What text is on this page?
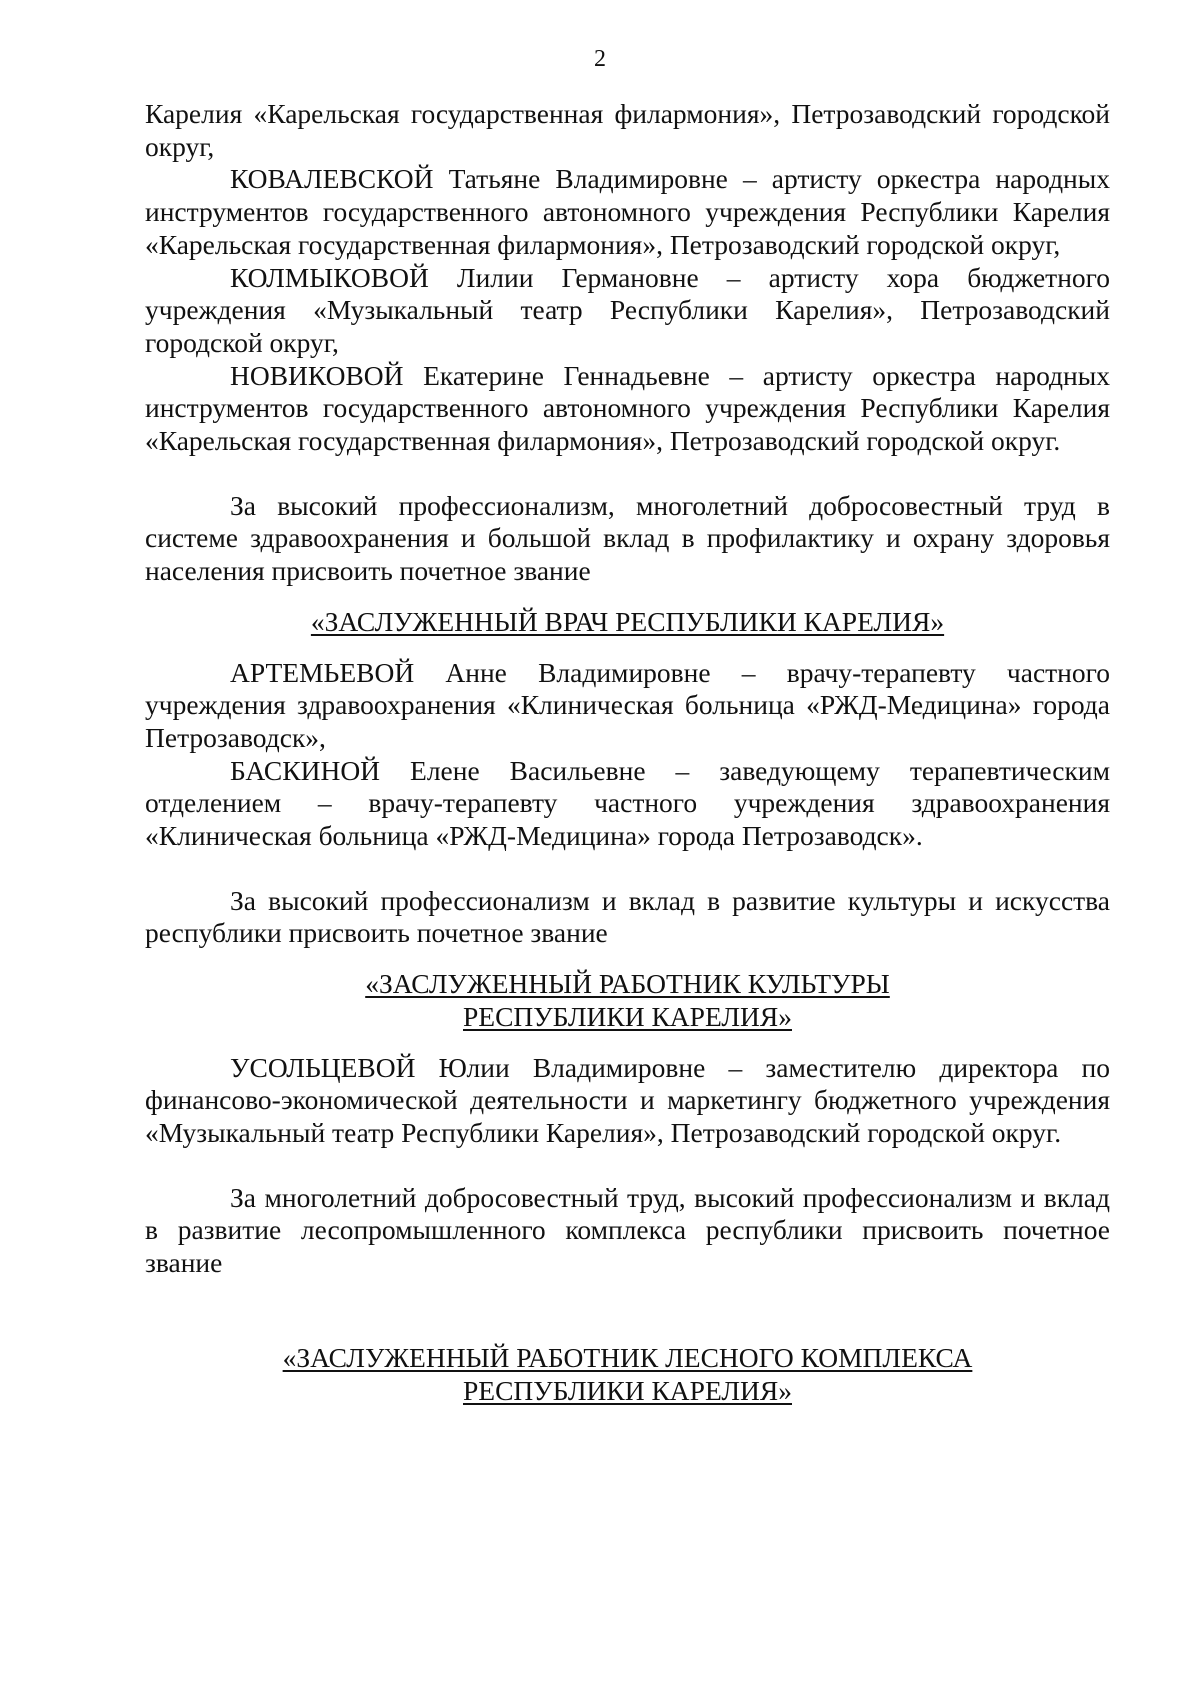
2

Карелия «Карельская государственная филармония», Петрозаводский городской округ,

КОВАЛЕВСКОЙ Татьяне Владимировне – артисту оркестра народных инструментов государственного автономного учреждения Республики Карелия «Карельская государственная филармония», Петрозаводский городской округ,

КОЛМЫКОВОЙ Лилии Германовне – артисту хора бюджетного учреждения «Музыкальный театр Республики Карелия», Петрозаводский городской округ,

НОВИКОВОЙ Екатерине Геннадьевне – артисту оркестра народных инструментов государственного автономного учреждения Республики Карелия «Карельская государственная филармония», Петрозаводский городской округ.

За высокий профессионализм, многолетний добросовестный труд в системе здравоохранения и большой вклад в профилактику и охрану здоровья населения присвоить почетное звание

«ЗАСЛУЖЕННЫЙ ВРАЧ РЕСПУБЛИКИ КАРЕЛИЯ»

АРТЕМЬЕВОЙ Анне Владимировне – врачу-терапевту частного учреждения здравоохранения «Клиническая больница «РЖД-Медицина» города Петрозаводск»,

БАСКИНОЙ Елене Васильевне – заведующему терапевтическим отделением – врачу-терапевту частного учреждения здравоохранения «Клиническая больница «РЖД-Медицина» города Петрозаводск».

За высокий профессионализм и вклад в развитие культуры и искусства республики присвоить почетное звание

«ЗАСЛУЖЕННЫЙ РАБОТНИК КУЛЬТУРЫ

РЕСПУБЛИКИ КАРЕЛИЯ»

УСОЛЬЦЕВОЙ Юлии Владимировне – заместителю директора по финансово-экономической деятельности и маркетингу бюджетного учреждения «Музыкальный театр Республики Карелия», Петрозаводский городской округ.

За многолетний добросовестный труд, высокий профессионализм и вклад в развитие лесопромышленного комплекса республики присвоить почетное звание

«ЗАСЛУЖЕННЫЙ РАБОТНИК ЛЕСНОГО КОМПЛЕКСА

РЕСПУБЛИКИ КАРЕЛИЯ»
